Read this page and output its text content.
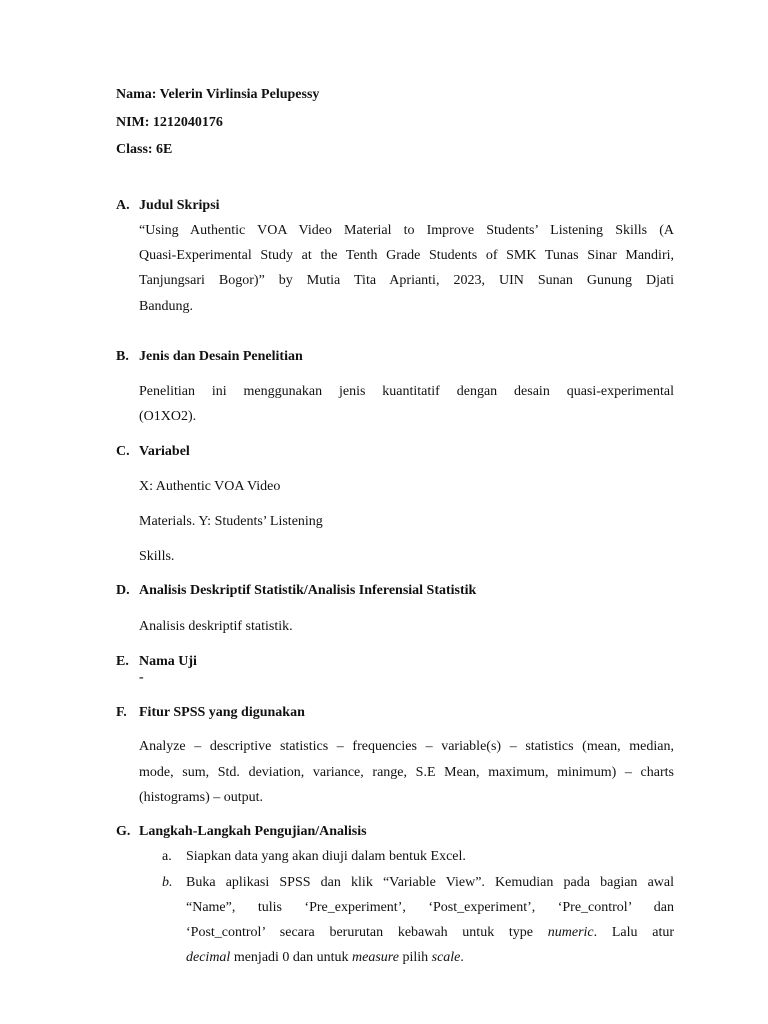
Nama: Velerin Virlinsia Pelupessy
NIM: 1212040176
Class: 6E
A. Judul Skripsi
“Using Authentic VOA Video Material to Improve Students’ Listening Skills (A
Quasi-Experimental Study at the Tenth Grade Students of SMK Tunas Sinar Mandiri,
Tanjungsari Bogor)” by Mutia Tita Aprianti, 2023, UIN Sunan Gunung Djati
Bandung.
B. Jenis dan Desain Penelitian
Penelitian ini menggunakan jenis kuantitatif dengan desain quasi-experimental
(O1XO2).
C. Variabel
X: Authentic VOA Video
Materials. Y: Students’ Listening
Skills.
D. Analisis Deskriptif Statistik/Analisis Inferensial Statistik
Analisis deskriptif statistik.
E. Nama Uji
-
F. Fitur SPSS yang digunakan
Analyze – descriptive statistics – frequencies – variable(s) – statistics (mean, median,
mode, sum, Std. deviation, variance, range, S.E Mean, maximum, minimum) – charts
(histograms) – output.
G. Langkah-Langkah Pengujian/Analisis
a. Siapkan data yang akan diuji dalam bentuk Excel.
b. Buka aplikasi SPSS dan klik “Variable View”. Kemudian pada bagian awal
“Name”, tulis ‘Pre_experiment’, ‘Post_experiment’, ‘Pre_control’ dan
‘Post_control’ secara berurutan kebawah untuk type numeric. Lalu atur
decimal menjadi 0 dan untuk measure pilih scale.
